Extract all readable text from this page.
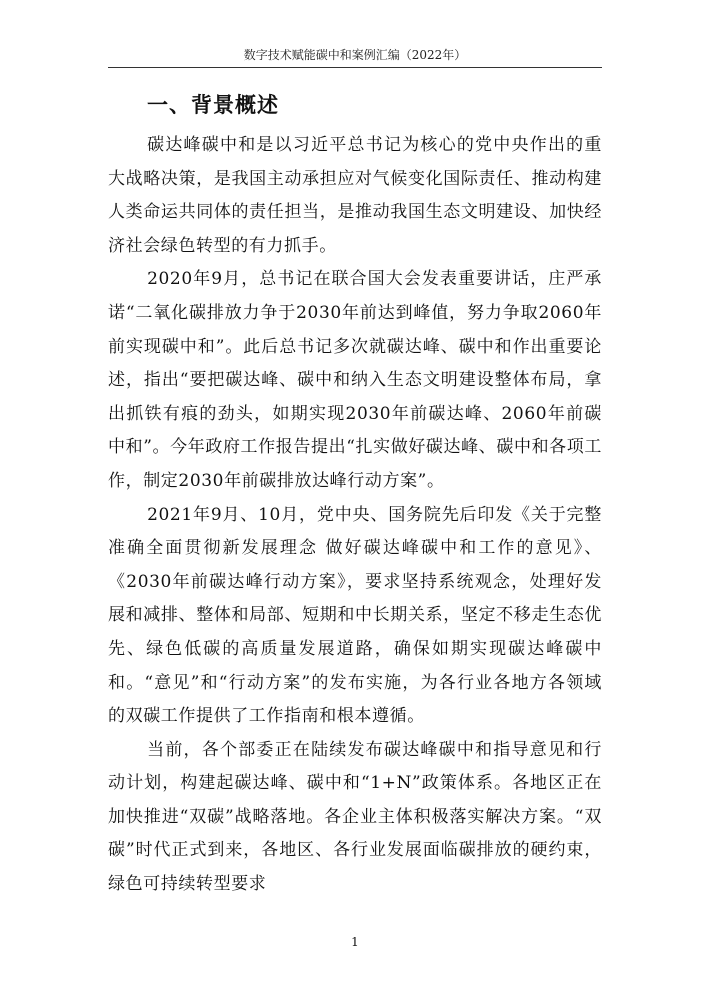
数字技术赋能碳中和案例汇编（2022年）
一、背景概述

碳达峰碳中和是以习近平总书记为核心的党中央作出的重大战略决策，是我国主动承担应对气候变化国际责任、推动构建人类命运共同体的责任担当，是推动我国生态文明建设、加快经济社会绿色转型的有力抓手。

2020年9月，总书记在联合国大会发表重要讲话，庄严承诺“二氧化碳排放力争于2030年前达到峰值，努力争取2060年前实现碳中和”。此后总书记多次就碳达峰、碳中和作出重要论述，指出“要把碳达峰、碳中和纳入生态文明建设整体布局，拿出抓铁有痕的劲头，如期实现2030年前碳达峰、2060年前碳中和”。今年政府工作报告提出“扎实做好碳达峰、碳中和各项工作，制定2030年前碳排放达峰行动方案”。

2021年9月、10月，党中央、国务院先后印发《关于完整准确全面贯彻新发展理念 做好碳达峰碳中和工作的意见》、《2030年前碳达峰行动方案》，要求坚持系统观念，处理好发展和减排、整体和局部、短期和中长期关系，坚定不移走生态优先、绿色低碳的高质量发展道路，确保如期实现碳达峰碳中和。“意见”和“行动方案”的发布实施，为各行业各地方各领域的双碳工作提供了工作指南和根本遵循。

当前，各个部委正在陆续发布碳达峰碳中和指导意见和行动计划，构建起碳达峰、碳中和“1+N”政策体系。各地区正在加快推进“双碳”战略落地。各企业主体积极落实解决方案。“双碳”时代正式到来，各地区、各行业发展面临碳排放的硬约束，绿色可持续转型要求

1
